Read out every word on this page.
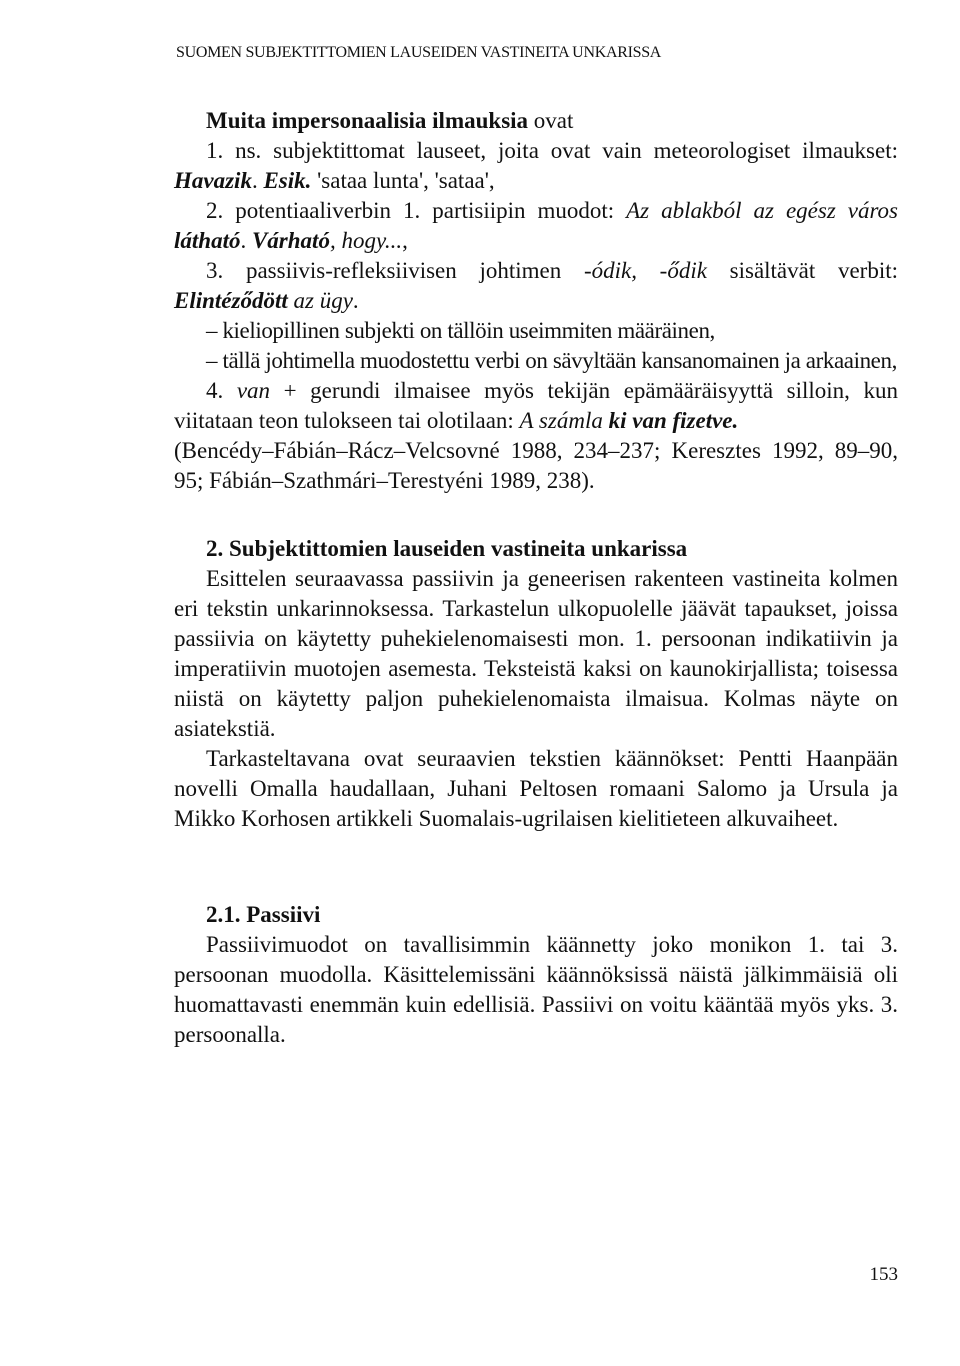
SUOMEN SUBJEKTITTOMIEN LAUSEIDEN VASTINEITA UNKARISSA

Muita impersonaalisia ilmauksia ovat

1. ns. subjektittomat lauseet, joita ovat vain meteorologiset ilmaukset: Havazik. Esik. 'sataa lunta', 'sataa',

2. potentiaaliverbin 1. partisiipin muodot: Az ablakból az egész város látható. Várható, hogy...,

3. passiivis-refleksiivisen johtimen -ódik, -ődik sisältävät verbit: Elintéződött az ügy.

– kieliopillinen subjekti on tällöin useimmiten määräinen,

– tällä johtimella muodostettu verbi on sävyltään kansanomainen ja arkaainen,

4. van + gerundi ilmaisee myös tekijän epämääräisyyttä silloin, kun viitataan teon tulokseen tai olotilaan: A számla ki van fizetve.

(Bencédy–Fábián–Rácz–Velcsovné 1988, 234–237; Keresztes 1992, 89–90, 95; Fábián–Szathmári–Terestyéni 1989, 238).

2. Subjektittomien lauseiden vastineita unkarissa

Esittelen seuraavassa passiivin ja geneerisen rakenteen vastineita kolmen eri tekstin unkarinnoksessa. Tarkastelun ulkopuolelle jäävät tapaukset, joissa passiivia on käytetty puhekielenomaisesti mon. 1. persoonan indikatiivin ja imperatiivin muotojen asemesta. Teksteistä kaksi on kaunokirjallista; toisessa niistä on käytetty paljon puhekielenomaista ilmaisua. Kolmas näyte on asiatekstiä.

Tarkasteltavana ovat seuraavien tekstien käännökset: Pentti Haanpään novelli Omalla haudallaan, Juhani Peltosen romaani Salomo ja Ursula ja Mikko Korhosen artikkeli Suomalais-ugrilaisen kielitieteen alkuvaiheet.

2.1. Passiivi

Passiivimuodot on tavallisimmin käännetty joko monikon 1. tai 3. persoonan muodolla. Käsittelemissäni käännöksissä näistä jälkimmäisiä oli huomattavasti enemmän kuin edellisiä. Passiivi on voitu kääntää myös yks. 3. persoonalla.

153
